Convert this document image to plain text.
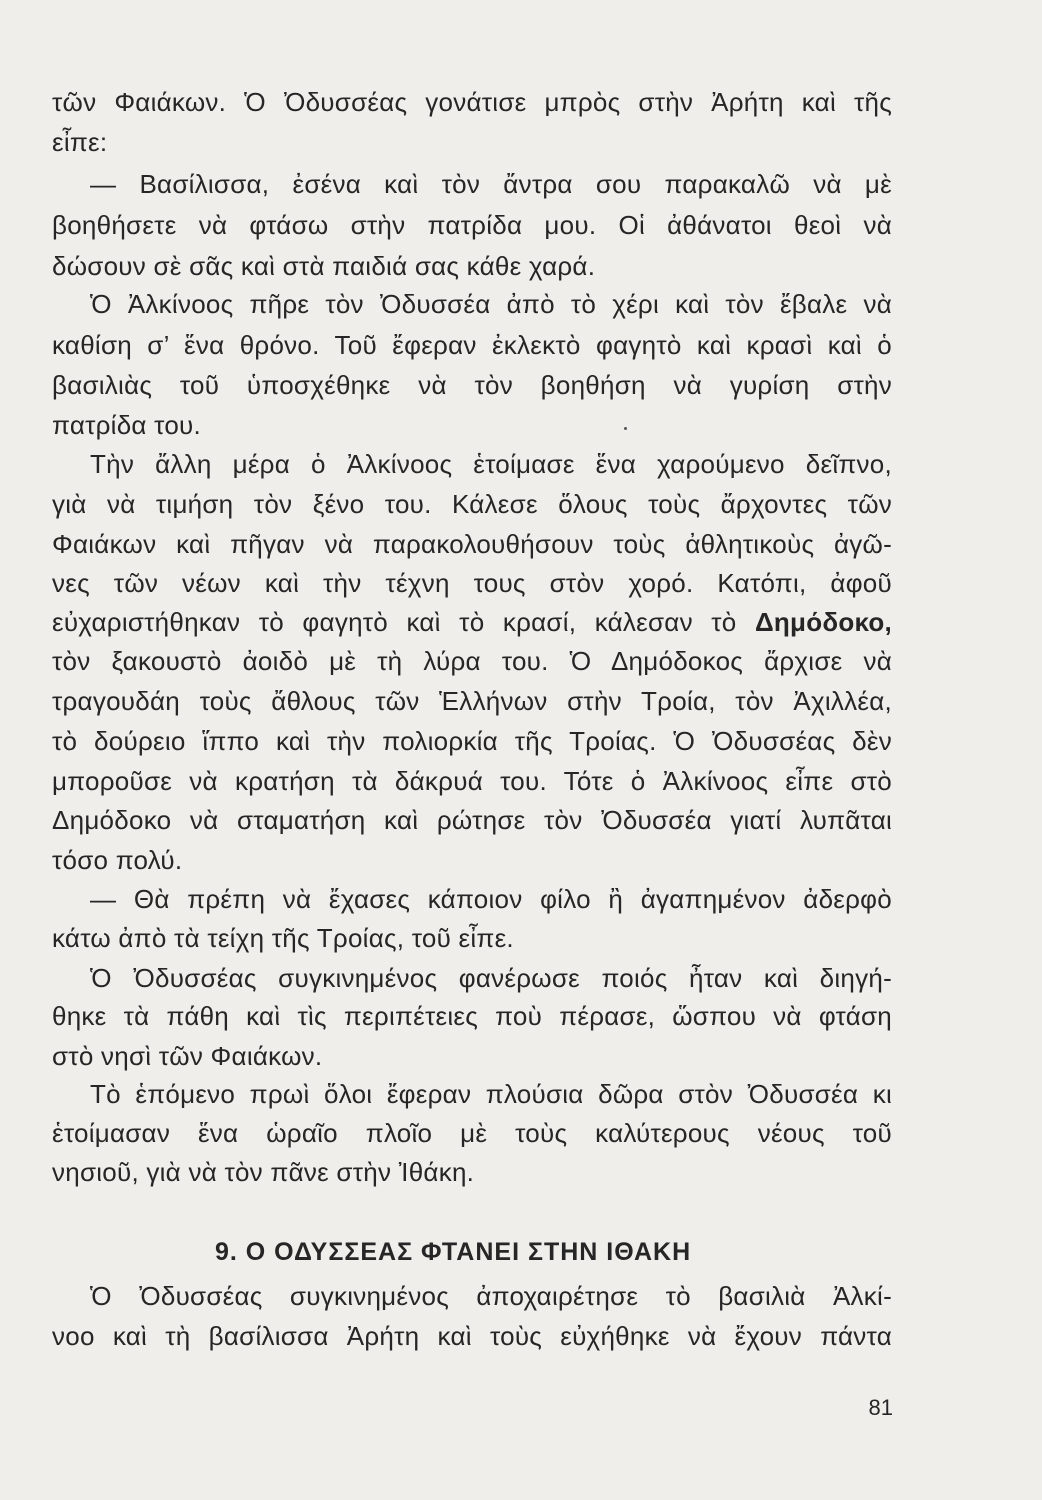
τῶν Φαιάκων. Ὁ Ὀδυσσέας γονάτισε μπρὸς στὴν Ἀρήτη καὶ τῆς

εἶπε:

— Βασίλισσα, ἐσένα καὶ τὸν ἄντρα σου παρακαλῶ νὰ μὲ

βοηθήσετε νὰ φτάσω στὴν πατρίδα μου. Οἱ ἀθάνατοι θεοὶ νὰ

δώσουν σὲ σᾶς καὶ στὰ παιδιά σας κάθε χαρά.

Ὁ Ἀλκίνοος πῆρε τὸν Ὀδυσσέα ἀπὸ τὸ χέρι καὶ τὸν ἔβαλε νὰ

καθίση σ’ ἕνα θρόνο. Τοῦ ἔφεραν ἐκλεκτὸ φαγητὸ καὶ κρασὶ καὶ ὁ

βασιλιὰς τοῦ ὑποσχέθηκε νὰ τὸν βοηθήση νὰ γυρίση στὴν

πατρίδα του.

Τὴν ἄλλη μέρα ὁ Ἀλκίνοος ἑτοίμασε ἕνα χαρούμενο δεῖπνο,

γιὰ νὰ τιμήση τὸν ξένο του. Κάλεσε ὅλους τοὺς ἄρχοντες τῶν

Φαιάκων καὶ πῆγαν νὰ παρακολουθήσουν τοὺς ἀθλητικοὺς ἀγῶ-

νες τῶν νέων καὶ τὴν τέχνη τους στὸν χορό. Κατόπι, ἀφοῦ

εὐχαριστήθηκαν τὸ φαγητὸ καὶ τὸ κρασί, κάλεσαν τὸ Δημόδοκο,

τὸν ξακουστὸ ἀοιδὸ μὲ τὴ λύρα του. Ὁ Δημόδοκος ἄρχισε νὰ

τραγουδάη τοὺς ἄθλους τῶν Ἑλλήνων στὴν Τροία, τὸν Ἀχιλλέα,

τὸ δούρειο ἵππο καὶ τὴν πολιορκία τῆς Τροίας. Ὁ Ὀδυσσέας δὲν

μποροῦσε νὰ κρατήση τὰ δάκρυά του. Τότε ὁ Ἀλκίνοος εἶπε στὸ

Δημόδοκο νὰ σταματήση καὶ ρώτησε τὸν Ὀδυσσέα γιατί λυπᾶται

τόσο πολύ.

— Θὰ πρέπη νὰ ἔχασες κάποιον φίλο ἢ ἀγαπημένον ἀδερφὸ

κάτω ἀπὸ τὰ τείχη τῆς Τροίας, τοῦ εἶπε.

Ὁ Ὀδυσσέας συγκινημένος φανέρωσε ποιός ἦταν καὶ διηγή-

θηκε τὰ πάθη καὶ τὶς περιπέτειες ποὺ πέρασε, ὥσπου νὰ φτάση

στὸ νησὶ τῶν Φαιάκων.

Τὸ ἑπόμενο πρωὶ ὅλοι ἔφεραν πλούσια δῶρα στὸν Ὀδυσσέα κι

ἑτοίμασαν ἕνα ὡραῖο πλοῖο μὲ τοὺς καλύτερους νέους τοῦ

νησιοῦ, γιὰ νὰ τὸν πᾶνε στὴν Ἰθάκη.

9. Ο ΟΔΥΣΣΕΑΣ ΦΤΑΝΕΙ ΣΤΗΝ ΙΘΑΚΗ

Ὁ Ὀδυσσέας συγκινημένος ἀποχαιρέτησε τὸ βασιλιὰ Ἀλκί-

νοο καὶ τὴ βασίλισσα Ἀρήτη καὶ τοὺς εὐχήθηκε νὰ ἔχουν πάντα

81
